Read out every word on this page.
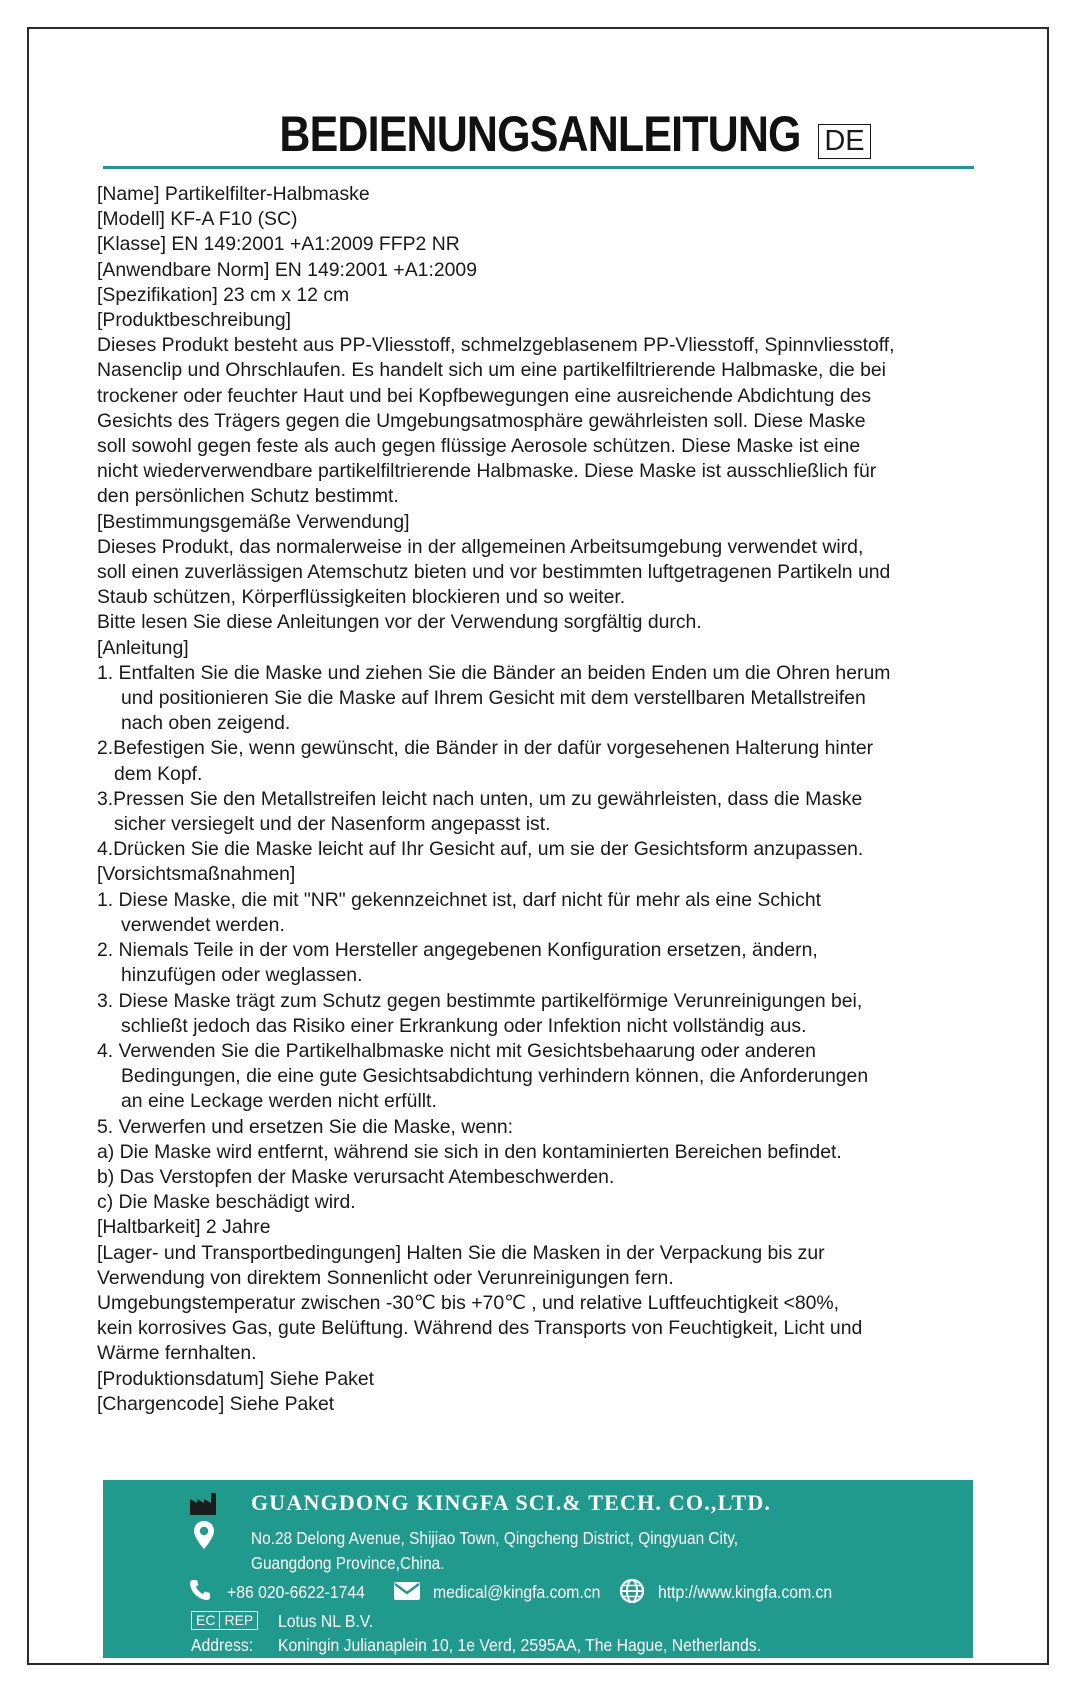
BEDIENUNGSANLEITUNG DE
[Name] Partikelfilter-Halbmaske
[Modell] KF-A F10 (SC)
[Klasse] EN 149:2001 +A1:2009 FFP2 NR
[Anwendbare Norm] EN 149:2001 +A1:2009
[Spezifikation] 23 cm x 12 cm
[Produktbeschreibung]
Dieses Produkt besteht aus PP-Vliesstoff, schmelzgeblasenem PP-Vliesstoff, Spinnvliesstoff,
Nasenclip und Ohrschlaufen. Es handelt sich um eine partikelfiltrierende Halbmaske, die bei
trockener oder feuchter Haut und bei Kopfbewegungen eine ausreichende Abdichtung des
Gesichts des Trägers gegen die Umgebungsatmosphäre gewährleisten soll. Diese Maske
soll sowohl gegen feste als auch gegen flüssige Aerosole schützen. Diese Maske ist eine
nicht wiederverwendbare partikelfiltrierende Halbmaske. Diese Maske ist ausschließlich für
den persönlichen Schutz bestimmt.
[Bestimmungsgemäße Verwendung]
Dieses Produkt, das normalerweise in der allgemeinen Arbeitsumgebung verwendet wird,
soll einen zuverlässigen Atemschutz bieten und vor bestimmten luftgetragenen Partikeln und
Staub schützen, Körperflüssigkeiten blockieren und so weiter.
Bitte lesen Sie diese Anleitungen vor der Verwendung sorgfältig durch.
[Anleitung]
1. Entfalten Sie die Maske und ziehen Sie die Bänder an beiden Enden um die Ohren herum
und positionieren Sie die Maske auf Ihrem Gesicht mit dem verstellbaren Metallstreifen
nach oben zeigend.
2.Befestigen Sie, wenn gewünscht, die Bänder in der dafür vorgesehenen Halterung hinter
dem Kopf.
3.Pressen Sie den Metallstreifen leicht nach unten, um zu gewährleisten, dass die Maske
sicher versiegelt und der Nasenform angepasst ist.
4.Drücken Sie die Maske leicht auf Ihr Gesicht auf, um sie der Gesichtsform anzupassen.
[Vorsichtsmaßnahmen]
1. Diese Maske, die mit "NR" gekennzeichnet ist, darf nicht für mehr als eine Schicht
verwendet werden.
2. Niemals Teile in der vom Hersteller angegebenen Konfiguration ersetzen, ändern,
hinzufügen oder weglassen.
3. Diese Maske trägt zum Schutz gegen bestimmte partikelförmige Verunreinigungen bei,
schließt jedoch das Risiko einer Erkrankung oder Infektion nicht vollständig aus.
4. Verwenden Sie die Partikelhalbmaske nicht mit Gesichtsbehaarung oder anderen
Bedingungen, die eine gute Gesichtsabdichtung verhindern können, die Anforderungen
an eine Leckage werden nicht erfüllt.
5. Verwerfen und ersetzen Sie die Maske, wenn:
a) Die Maske wird entfernt, während sie sich in den kontaminierten Bereichen befindet.
b) Das Verstopfen der Maske verursacht Atembeschwerden.
c) Die Maske beschädigt wird.
[Haltbarkeit] 2 Jahre
[Lager- und Transportbedingungen] Halten Sie die Masken in der Verpackung bis zur
Verwendung von direktem Sonnenlicht oder Verunreinigungen fern.
Umgebungstemperatur zwischen -30℃ bis +70℃ , und relative Luftfeuchtigkeit <80%,
kein korrosives Gas, gute Belüftung. Während des Transports von Feuchtigkeit, Licht und
Wärme fernhalten.
[Produktionsdatum] Siehe Paket
[Chargencode] Siehe Paket
GUANGDONG KINGFA SCI.& TECH. CO.,LTD.
No.28 Delong Avenue, Shijiao Town, Qingcheng District, Qingyuan City,
Guangdong Province,China.
+86 020-6622-1744	medical@kingfa.com.cn	http://www.kingfa.com.cn
EC REP Lotus NL B.V.
Address: Koningin Julianaplein 10, 1e Verd, 2595AA, The Hague, Netherlands.
